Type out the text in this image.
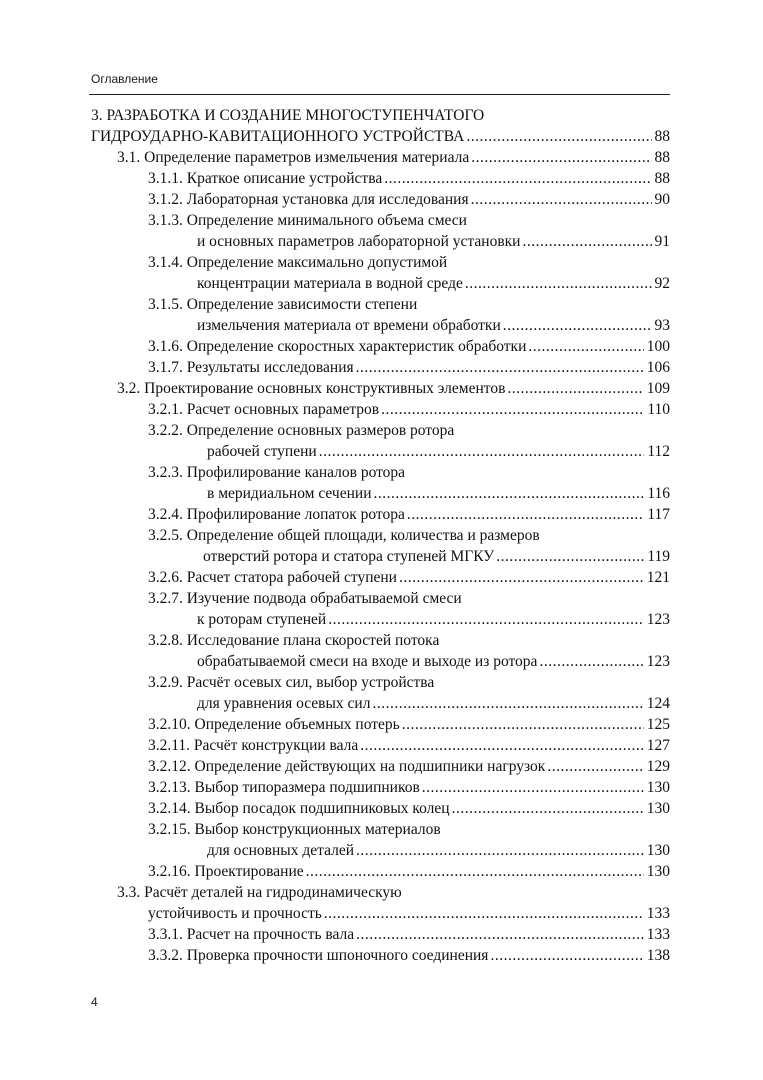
Оглавление
3. РАЗРАБОТКА И СОЗДАНИЕ МНОГОСТУПЕНЧАТОГО
ГИДРОУДАРНО-КАВИТАЦИОННОГО УСТРОЙСТВА .....	88
3.1. Определение параметров измельчения материала .....	88
3.1.1. Краткое описание устройства .....	88
3.1.2. Лабораторная установка для исследования .....	90
3.1.3. Определение минимального объема смеси
и основных параметров лабораторной установки .....	91
3.1.4. Определение максимально допустимой
концентрации материала в водной среде .....	92
3.1.5. Определение зависимости степени
измельчения материала от времени обработки .....	93
3.1.6. Определение скоростных характеристик обработки .....	100
3.1.7. Результаты исследования .....	106
3.2. Проектирование основных конструктивных элементов .....	109
3.2.1. Расчет основных параметров .....	110
3.2.2. Определение основных размеров ротора
рабочей ступени .....	112
3.2.3. Профилирование каналов ротора
в меридиальном сечении .....	116
3.2.4. Профилирование лопаток ротора .....	117
3.2.5. Определение общей площади, количества и размеров
отверстий ротора и статора ступеней МГКУ .....	119
3.2.6. Расчет статора рабочей ступени .....	121
3.2.7. Изучение подвода обрабатываемой смеси
к роторам ступеней .....	123
3.2.8. Исследование плана скоростей потока
обрабатываемой смеси на входе и выходе из ротора .....	123
3.2.9. Расчёт осевых сил, выбор устройства
для уравнения осевых сил .....	124
3.2.10. Определение объемных потерь .....	125
3.2.11. Расчёт конструкции вала .....	127
3.2.12. Определение действующих на подшипники нагрузок .....	129
3.2.13. Выбор типоразмера подшипников .....	130
3.2.14. Выбор посадок подшипниковых колец .....	130
3.2.15. Выбор конструкционных материалов
для основных деталей .....	130
3.2.16. Проектирование .....	130
3.3. Расчёт деталей на гидродинамическую
устойчивость и прочность .....	133
3.3.1. Расчет на прочность вала .....	133
3.3.2. Проверка прочности шпоночного соединения .....	138
4
